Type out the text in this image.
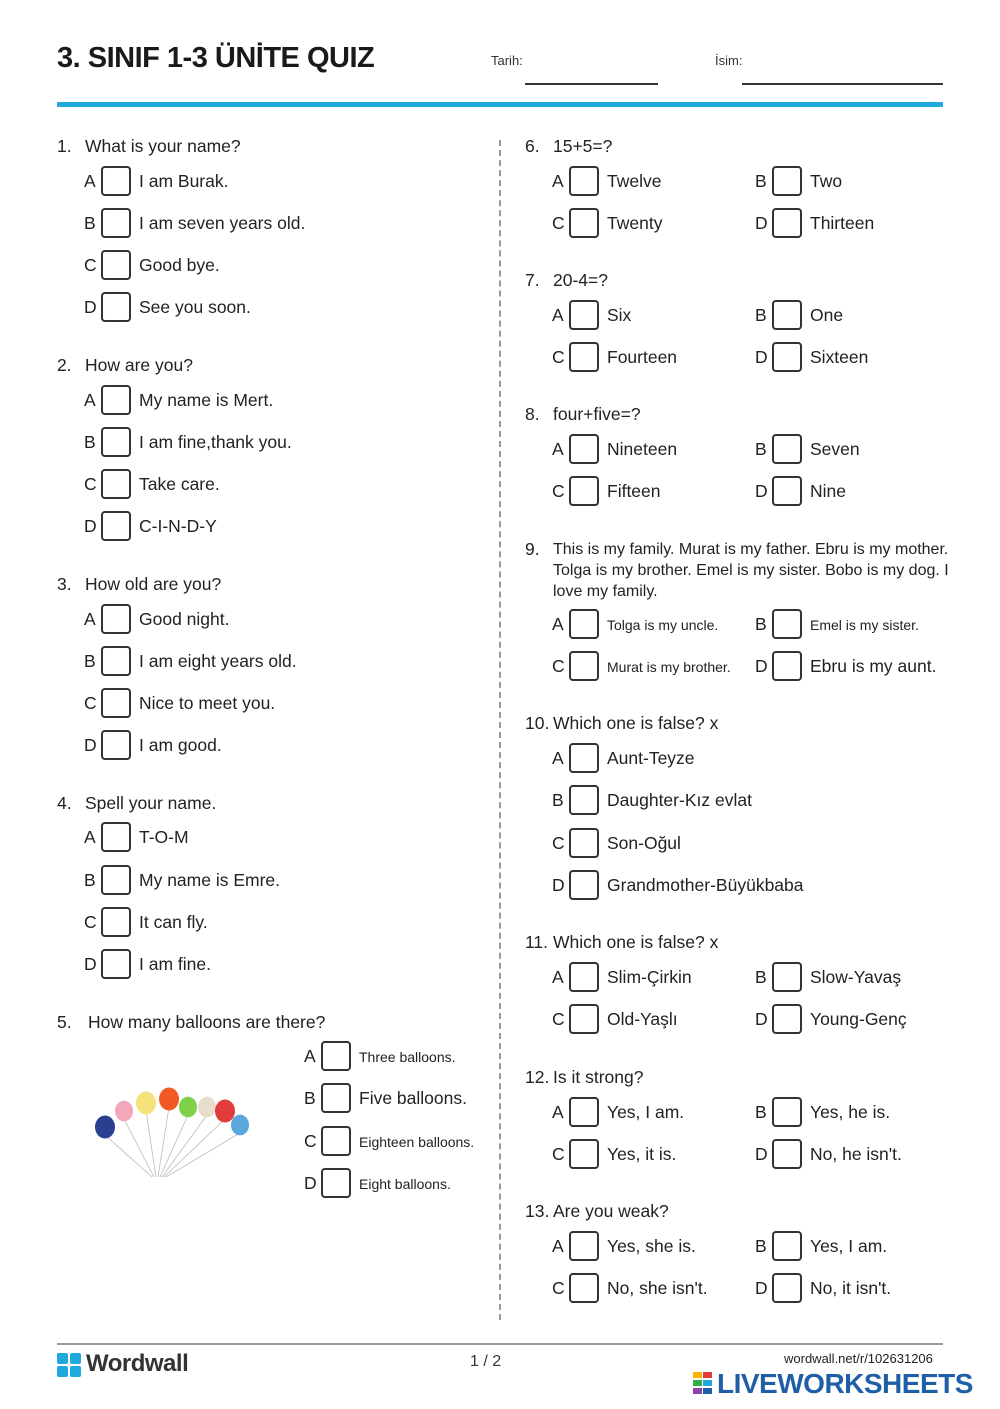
3. SINIF 1-3 ÜNİTE QUIZ	Tarih:	İsim:
1. What is your name?
A I am Burak.
B I am seven years old.
C Good bye.
D See you soon.
2. How are you?
A My name is Mert.
B I am fine,thank you.
C Take care.
D C-I-N-D-Y
3. How old are you?
A Good night.
B I am eight years old.
C Nice to meet you.
D I am good.
4. Spell your name.
A T-O-M
B My name is Emre.
C It can fly.
D I am fine.
5. How many balloons are there?
A	Three balloons.
B Five balloons.
C	Eighteen balloons.
D	Eight balloons.
6. 15+5=?
A Twelve	B Two
C Twenty	D Thirteen
7. 20-4=?
A Six	B One
C Fourteen	D Sixteen
8. four+five=?
A Nineteen	B Seven
C Fifteen	D Nine
9. This is my family. Murat is my father. Ebru is my mother. Tolga is my brother. Emel is my sister. Bobo is my dog. I love my family.
A	Tolga is my uncle. B	Emel is my sister.
C	Murat is my brother. D Ebru is my aunt.
10. Which one is false? x
A Aunt-Teyze
B Daughter-Kız evlat
C Son-Oğul
D Grandmother-Büyükbaba
11. Which one is false? x
A Slim-Çirkin	B Slow-Yavaş
C Old-Yaşlı	D Young-Genç
12. Is it strong?
A Yes, I am.	B Yes, he is.
C Yes, it is.	D No, he isn't.
13. Are you weak?
A Yes, she is.	B Yes, I am.
C No, she isn't.	D No, it isn't.
Wordwall	1 / 2	wordwall.net/r/102631206
LIVEWORKSHEETS
